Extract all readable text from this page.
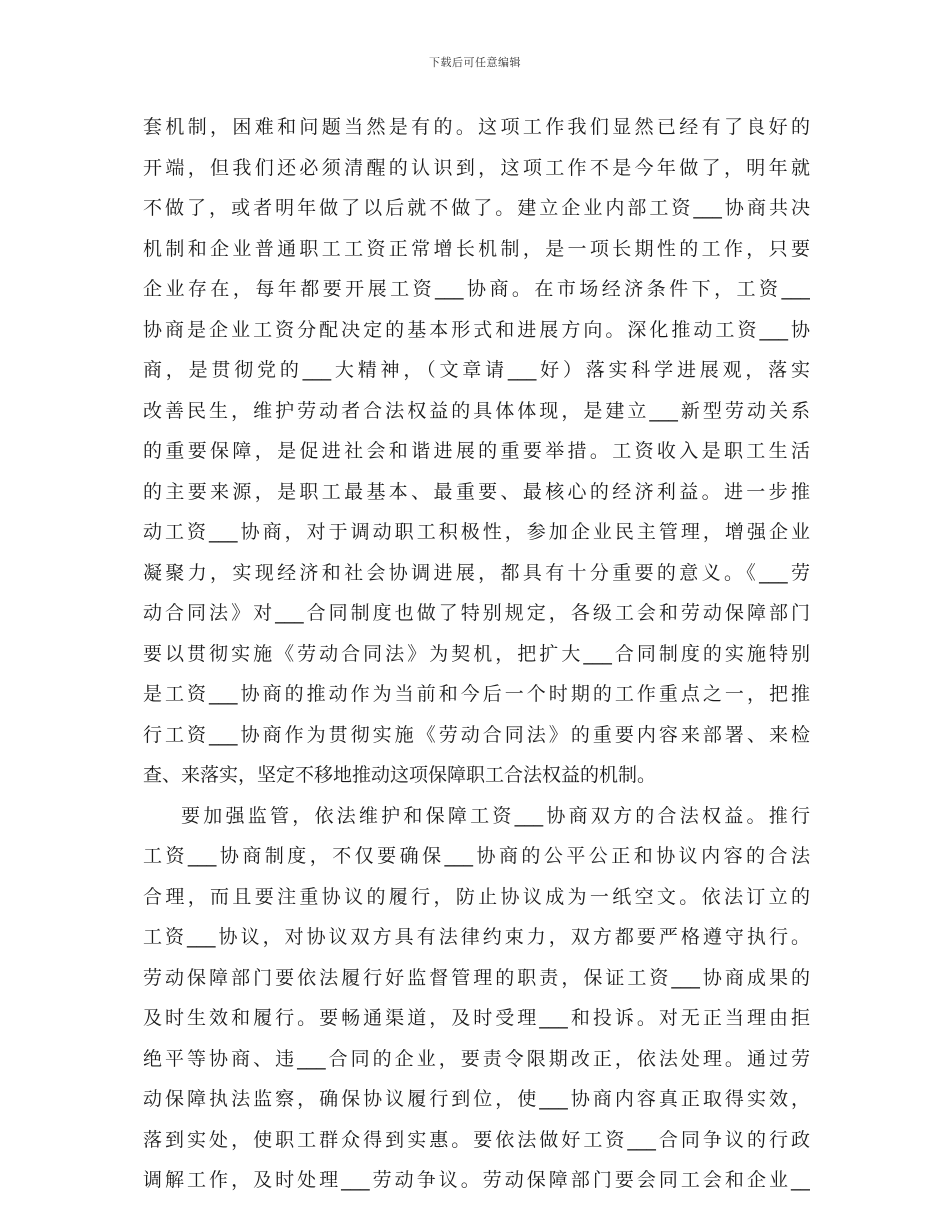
下载后可任意编辑
套机制，困难和问题当然是有的。这项工作我们显然已经有了良好的
开端，但我们还必须清醒的认识到，这项工作不是今年做了，明年就
不做了，或者明年做了以后就不做了。建立企业内部工资___协商共决
机制和企业普通职工工资正常增长机制，是一项长期性的工作，只要
企业存在，每年都要开展工资___协商。在市场经济条件下，工资___
协商是企业工资分配决定的基本形式和进展方向。深化推动工资___协
商，是贯彻党的___大精神，（文章请___好）落实科学进展观，落实
改善民生，维护劳动者合法权益的具体体现，是建立___新型劳动关系
的重要保障，是促进社会和谐进展的重要举措。工资收入是职工生活
的主要来源，是职工最基本、最重要、最核心的经济利益。进一步推
动工资___协商，对于调动职工积极性，参加企业民主管理，增强企业
凝聚力，实现经济和社会协调进展，都具有十分重要的意义。《___劳
动合同法》对___合同制度也做了特别规定，各级工会和劳动保障部门
要以贯彻实施《劳动合同法》为契机，把扩大___合同制度的实施特别
是工资___协商的推动作为当前和今后一个时期的工作重点之一，把推
行工资___协商作为贯彻实施《劳动合同法》的重要内容来部署、来检
查、来落实，坚定不移地推动这项保障职工合法权益的机制。
要加强监管，依法维护和保障工资___协商双方的合法权益。推行
工资___协商制度，不仅要确保___协商的公平公正和协议内容的合法
合理，而且要注重协议的履行，防止协议成为一纸空文。依法订立的
工资___协议，对协议双方具有法律约束力，双方都要严格遵守执行。
劳动保障部门要依法履行好监督管理的职责，保证工资___协商成果的
及时生效和履行。要畅通渠道，及时受理___和投诉。对无正当理由拒
绝平等协商、违___合同的企业，要责令限期改正，依法处理。通过劳
动保障执法监察，确保协议履行到位，使___协商内容真正取得实效，
落到实处，使职工群众得到实惠。要依法做好工资___合同争议的行政
调解工作，及时处理___劳动争议。劳动保障部门要会同工会和企业__
